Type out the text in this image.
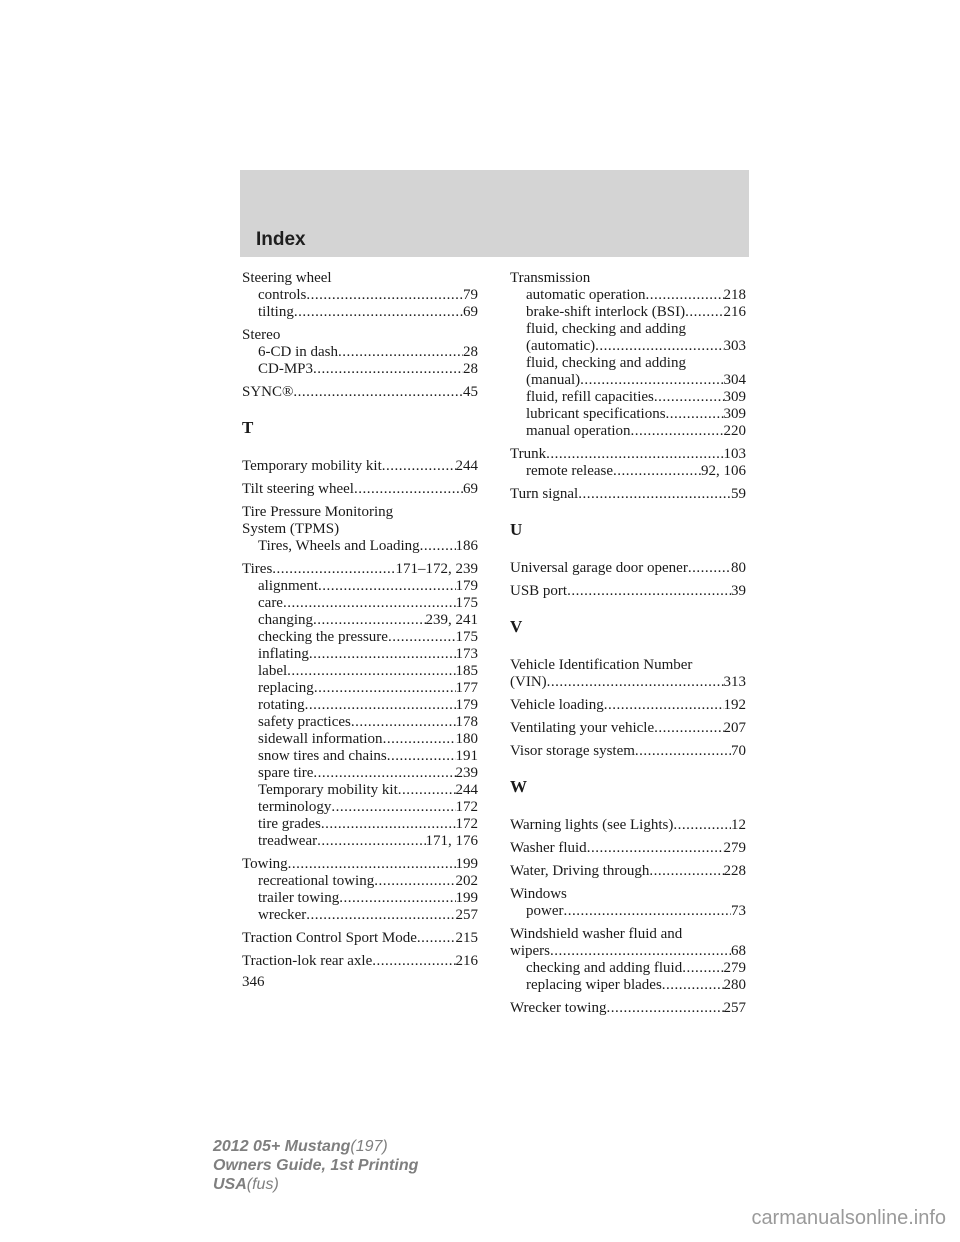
Index
Steering wheel
controls .....	79
tilting .....	69
Stereo
6-CD in dash .....	28
CD-MP3 .....	28
SYNC® .....	45
T
Temporary mobility kit .....	244
Tilt steering wheel .....	69
Tire Pressure Monitoring
System (TPMS)
Tires, Wheels and Loading ..... 186
Tires .....	171–172, 239
alignment .....	179
care .....	175
changing .....	239, 241
checking the pressure .....	175
inflating .....	173
label .....	185
replacing .....	177
rotating .....	179
safety practices .....	178
sidewall information .....	180
snow tires and chains .....	191
spare tire .....	239
Temporary mobility kit .....	244
terminology .....	172
tire grades .....	172
treadwear .....	171, 176
Towing .....	199
recreational towing .....	202
trailer towing .....	199
wrecker .....	257
Traction Control Sport Mode .....	215
Traction-lok rear axle .....	216
Transmission
automatic operation .....	218
brake-shift interlock (BSI) .....	216
fluid, checking and adding
(automatic) .....	303
fluid, checking and adding
(manual) .....	304
fluid, refill capacities .....	309
lubricant specifications .....	309
manual operation .....	220
Trunk .....	103
remote release .....	92, 106
Turn signal .....	59
U
Universal garage door opener .....	80
USB port .....	39
V
Vehicle Identification Number
(VIN) .....	313
Vehicle loading .....	192
Ventilating your vehicle .....	207
Visor storage system .....	70
W
Warning lights (see Lights) .....	12
Washer fluid .....	279
Water, Driving through .....	228
Windows
power .....	73
Windshield washer fluid and
wipers .....	68
checking and adding fluid .....	279
replacing wiper blades .....	280
Wrecker towing .....	257
346
2012 05+ Mustang(197)
Owners Guide, 1st Printing
USA(fus)
carmanualsonline.info
